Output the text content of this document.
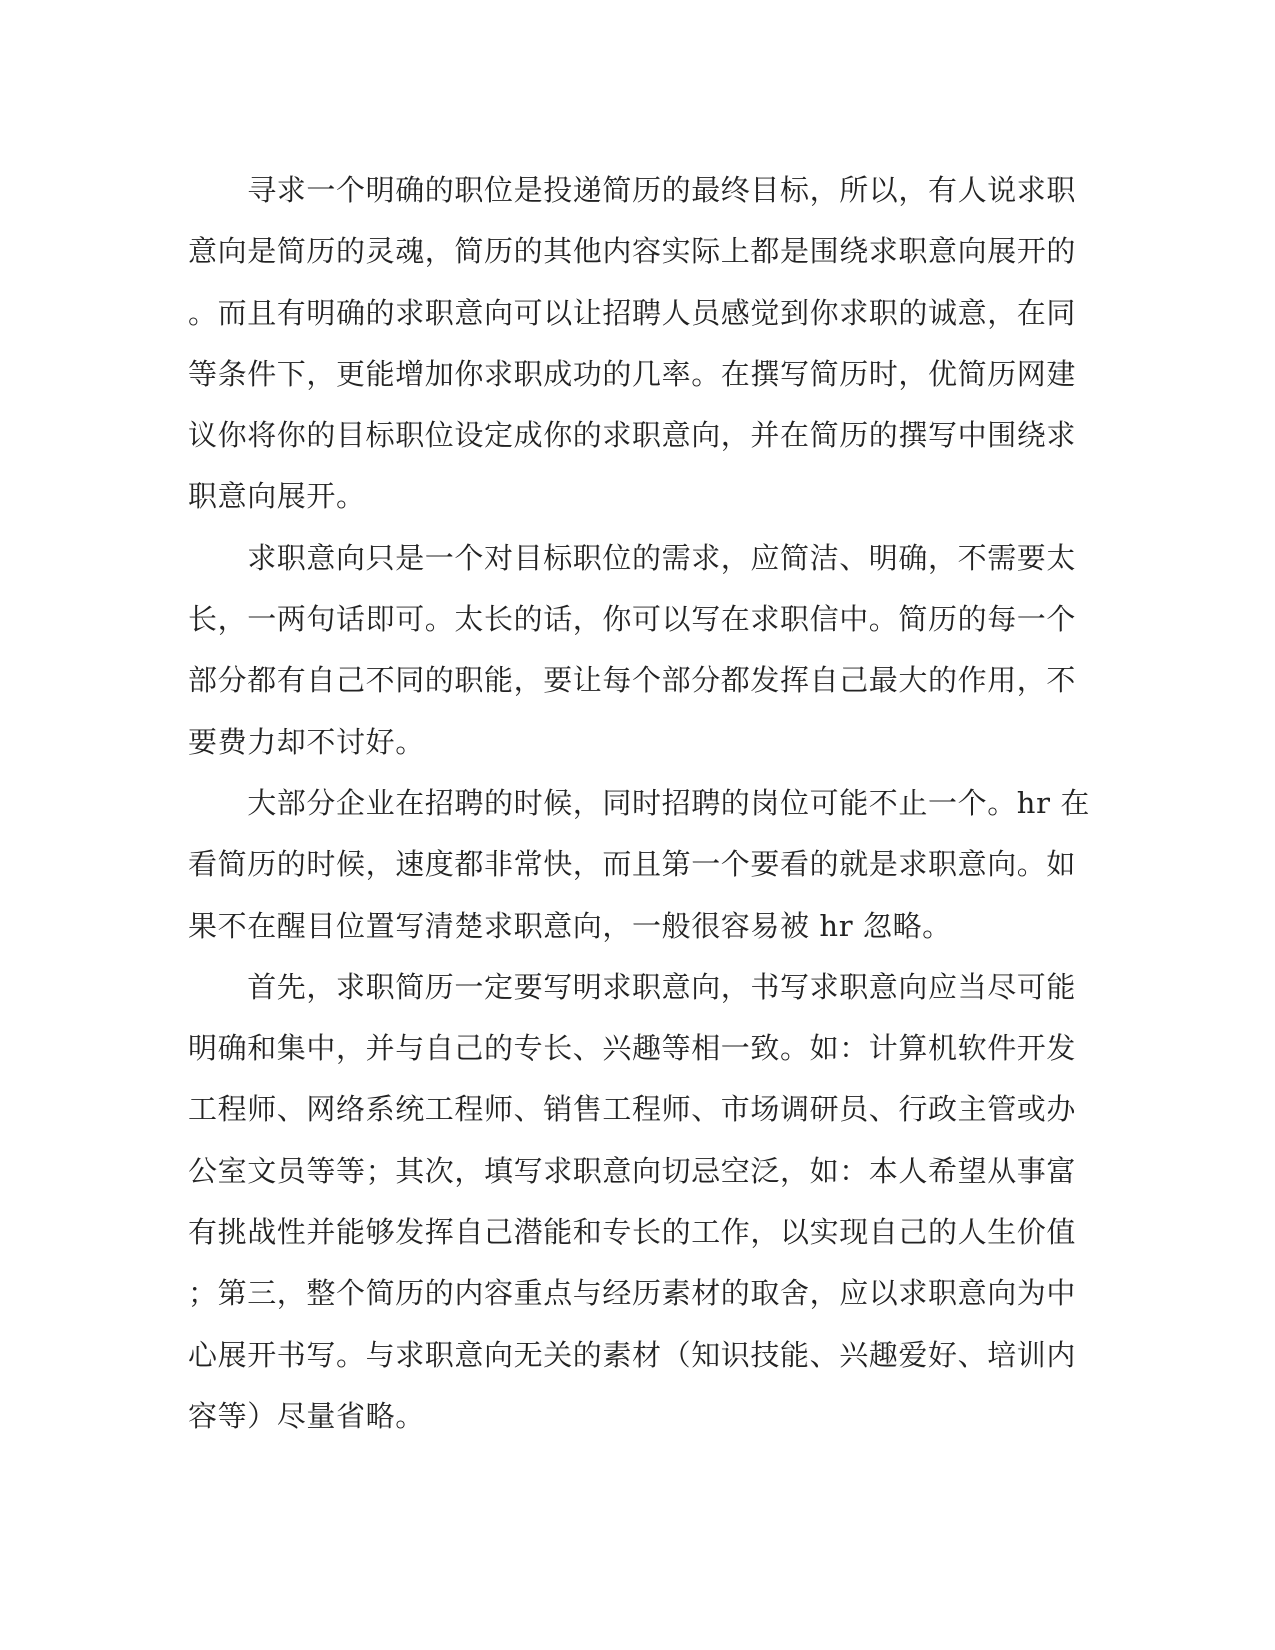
　　寻求一个明确的职位是投递简历的最终目标，所以，有人说求职
意向是简历的灵魂，简历的其他内容实际上都是围绕求职意向展开的
。而且有明确的求职意向可以让招聘人员感觉到你求职的诚意，在同
等条件下，更能增加你求职成功的几率。在撰写简历时，优简历网建
议你将你的目标职位设定成你的求职意向，并在简历的撰写中围绕求
职意向展开。
　　求职意向只是一个对目标职位的需求，应简洁、明确，不需要太
长，一两句话即可。太长的话，你可以写在求职信中。简历的每一个
部分都有自己不同的职能，要让每个部分都发挥自己最大的作用，不
要费力却不讨好。
　　大部分企业在招聘的时候，同时招聘的岗位可能不止一个。hr 在
看简历的时候，速度都非常快，而且第一个要看的就是求职意向。如
果不在醒目位置写清楚求职意向，一般很容易被 hr 忽略。
　　首先，求职简历一定要写明求职意向，书写求职意向应当尽可能
明确和集中，并与自己的专长、兴趣等相一致。如：计算机软件开发
工程师、网络系统工程师、销售工程师、市场调研员、行政主管或办
公室文员等等；其次，填写求职意向切忌空泛，如：本人希望从事富
有挑战性并能够发挥自己潜能和专长的工作，以实现自己的人生价值
；第三，整个简历的内容重点与经历素材的取舍，应以求职意向为中
心展开书写。与求职意向无关的素材（知识技能、兴趣爱好、培训内
容等）尽量省略。
